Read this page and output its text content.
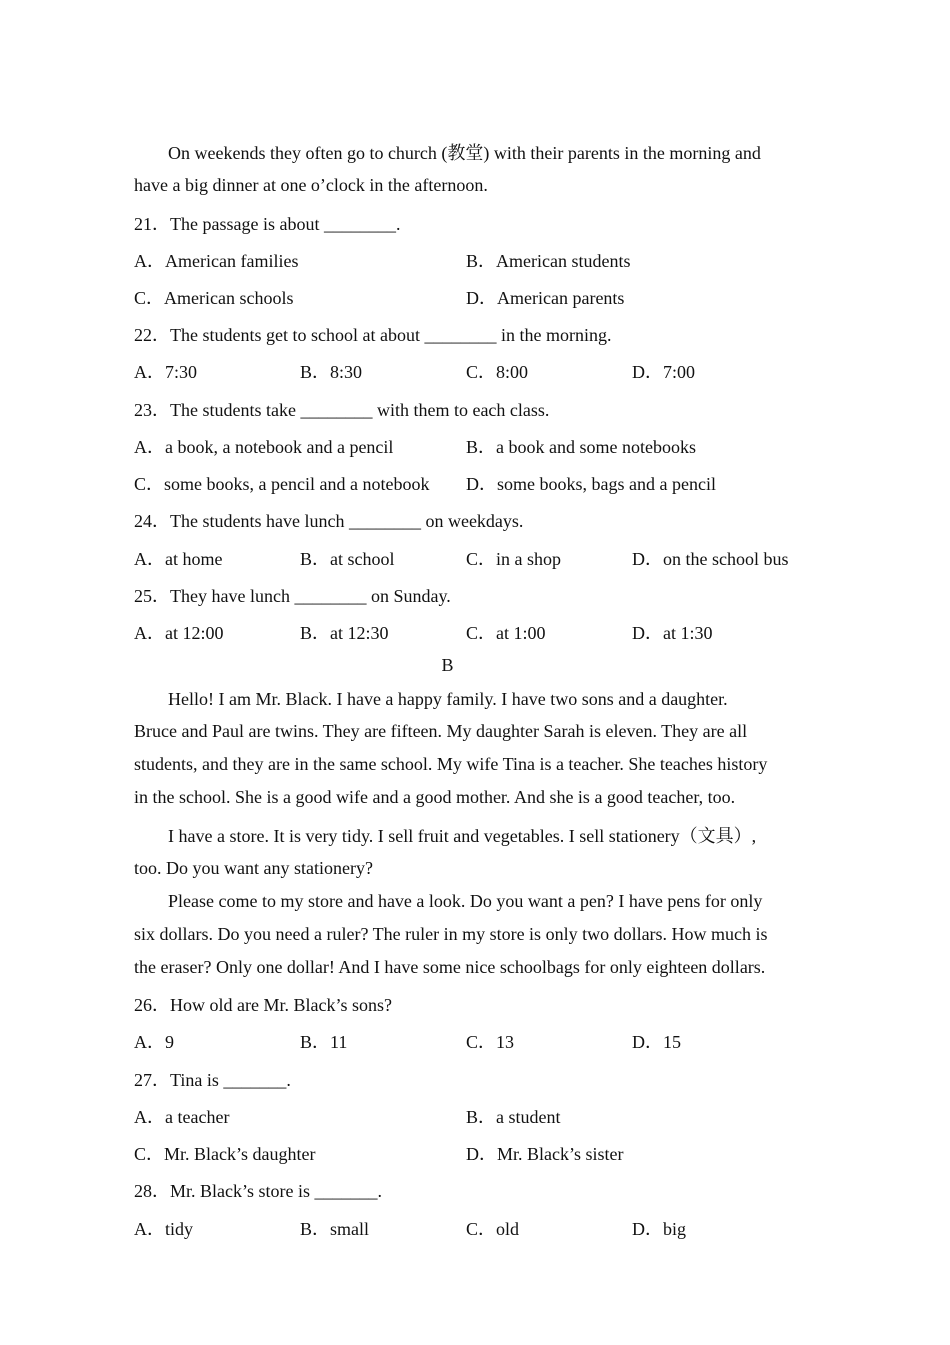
On weekends they often go to church (教堂) with their parents in the morning and
have a big dinner at one o’clock in the afternoon.
21．The passage is about ________.
A．American families	B．American students
C．American schools	D．American parents
22．The students get to school at about ________ in the morning.
A．7:30	B．8:30	C．8:00	D．7:00
23．The students take ________ with them to each class.
A．a book, a notebook and a pencil	B．a book and some notebooks
C．some books, a pencil and a notebook D．some books, bags and a pencil
24．The students have lunch ________ on weekdays.
A．at home	B．at school	C．in a shop	D．on the school bus
25．They have lunch ________ on Sunday.
A．at 12:00	B．at 12:30	C．at 1:00	D．at 1:30
B
Hello! I am Mr. Black. I have a happy family. I have two sons and a daughter.
Bruce and Paul are twins. They are fifteen. My daughter Sarah is eleven. They are all
students, and they are in the same school. My wife Tina is a teacher. She teaches history
in the school. She is a good wife and a good mother. And she is a good teacher, too.
I have a store. It is very tidy. I sell fruit and vegetables. I sell stationery（文具）,
too. Do you want any stationery?
Please come to my store and have a look. Do you want a pen? I have pens for only
six dollars. Do you need a ruler? The ruler in my store is only two dollars. How much is
the eraser? Only one dollar! And I have some nice schoolbags for only eighteen dollars.
26．How old are Mr. Black’s sons?
A．9	B．11	C．13	D．15
27．Tina is _______.
A．a teacher	B．a student
C．Mr. Black’s daughter	D．Mr. Black’s sister
28．Mr. Black’s store is _______.
A．tidy	B．small	C．old	D．big
